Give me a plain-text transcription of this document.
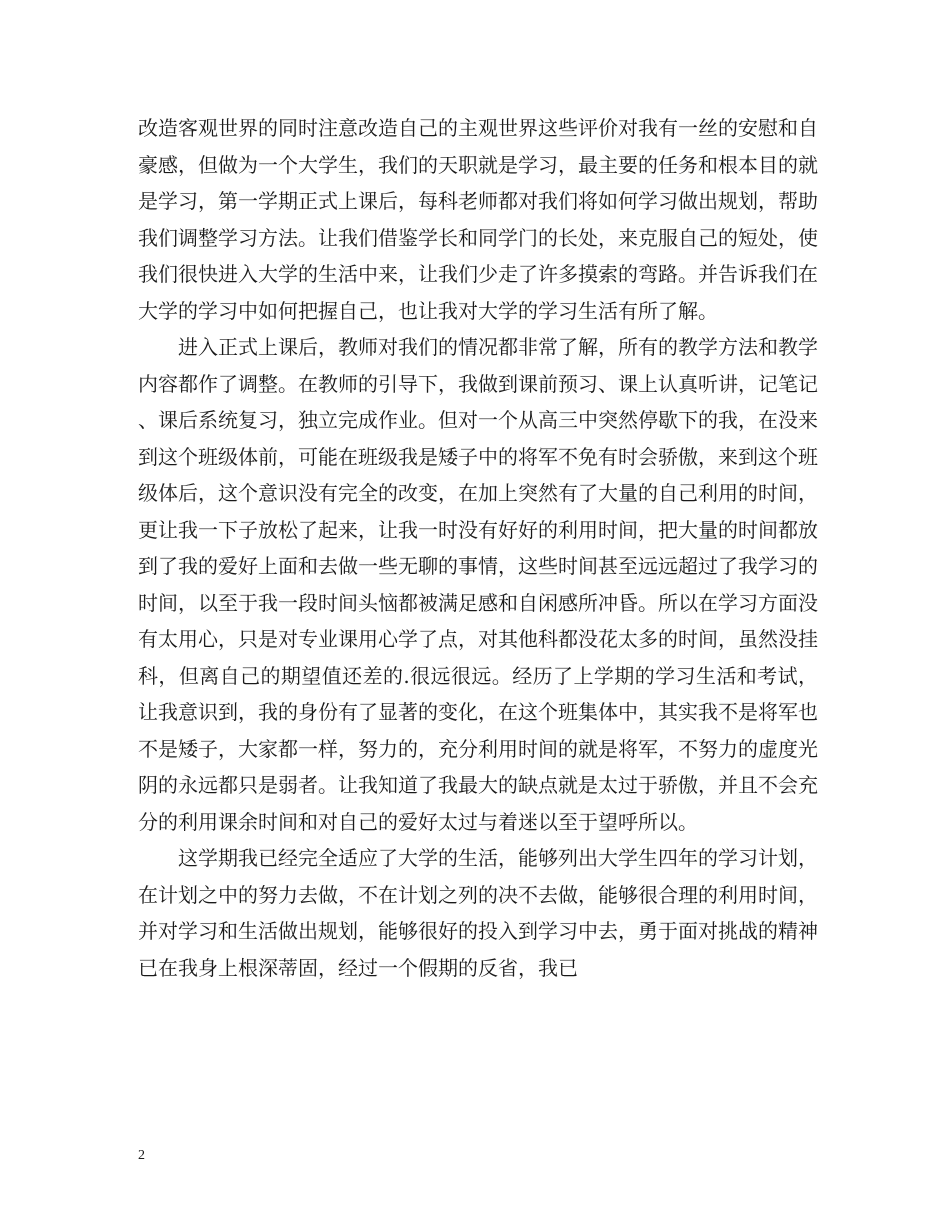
改造客观世界的同时注意改造自己的主观世界这些评价对我有一丝的安慰和自豪感，但做为一个大学生，我们的天职就是学习，最主要的任务和根本目的就是学习，第一学期正式上课后，每科老师都对我们将如何学习做出规划，帮助我们调整学习方法。让我们借鉴学长和同学门的长处，来克服自己的短处，使我们很快进入大学的生活中来，让我们少走了许多摸索的弯路。并告诉我们在大学的学习中如何把握自己，也让我对大学的学习生活有所了解。

进入正式上课后，教师对我们的情况都非常了解，所有的教学方法和教学内容都作了调整。在教师的引导下，我做到课前预习、课上认真听讲，记笔记、课后系统复习，独立完成作业。但对一个从高三中突然停歇下的我，在没来到这个班级体前，可能在班级我是矮子中的将军不免有时会骄傲，来到这个班级体后，这个意识没有完全的改变，在加上突然有了大量的自己利用的时间，更让我一下子放松了起来，让我一时没有好好的利用时间，把大量的时间都放到了我的爱好上面和去做一些无聊的事情，这些时间甚至远远超过了我学习的时间，以至于我一段时间头恼都被满足感和自闲感所冲昏。所以在学习方面没有太用心，只是对专业课用心学了点，对其他科都没花太多的时间，虽然没挂科，但离自己的期望值还差的.很远很远。经历了上学期的学习生活和考试，让我意识到，我的身份有了显著的变化，在这个班集体中，其实我不是将军也不是矮子，大家都一样，努力的，充分利用时间的就是将军，不努力的虚度光阴的永远都只是弱者。让我知道了我最大的缺点就是太过于骄傲，并且不会充分的利用课余时间和对自己的爱好太过与着迷以至于望呼所以。

这学期我已经完全适应了大学的生活，能够列出大学生四年的学习计划，在计划之中的努力去做，不在计划之列的决不去做，能够很合理的利用时间， 并对学习和生活做出规划，能够很好的投入到学习中去，勇于面对挑战的精神已在我身上根深蒂固，经过一个假期的反省，我已

2
